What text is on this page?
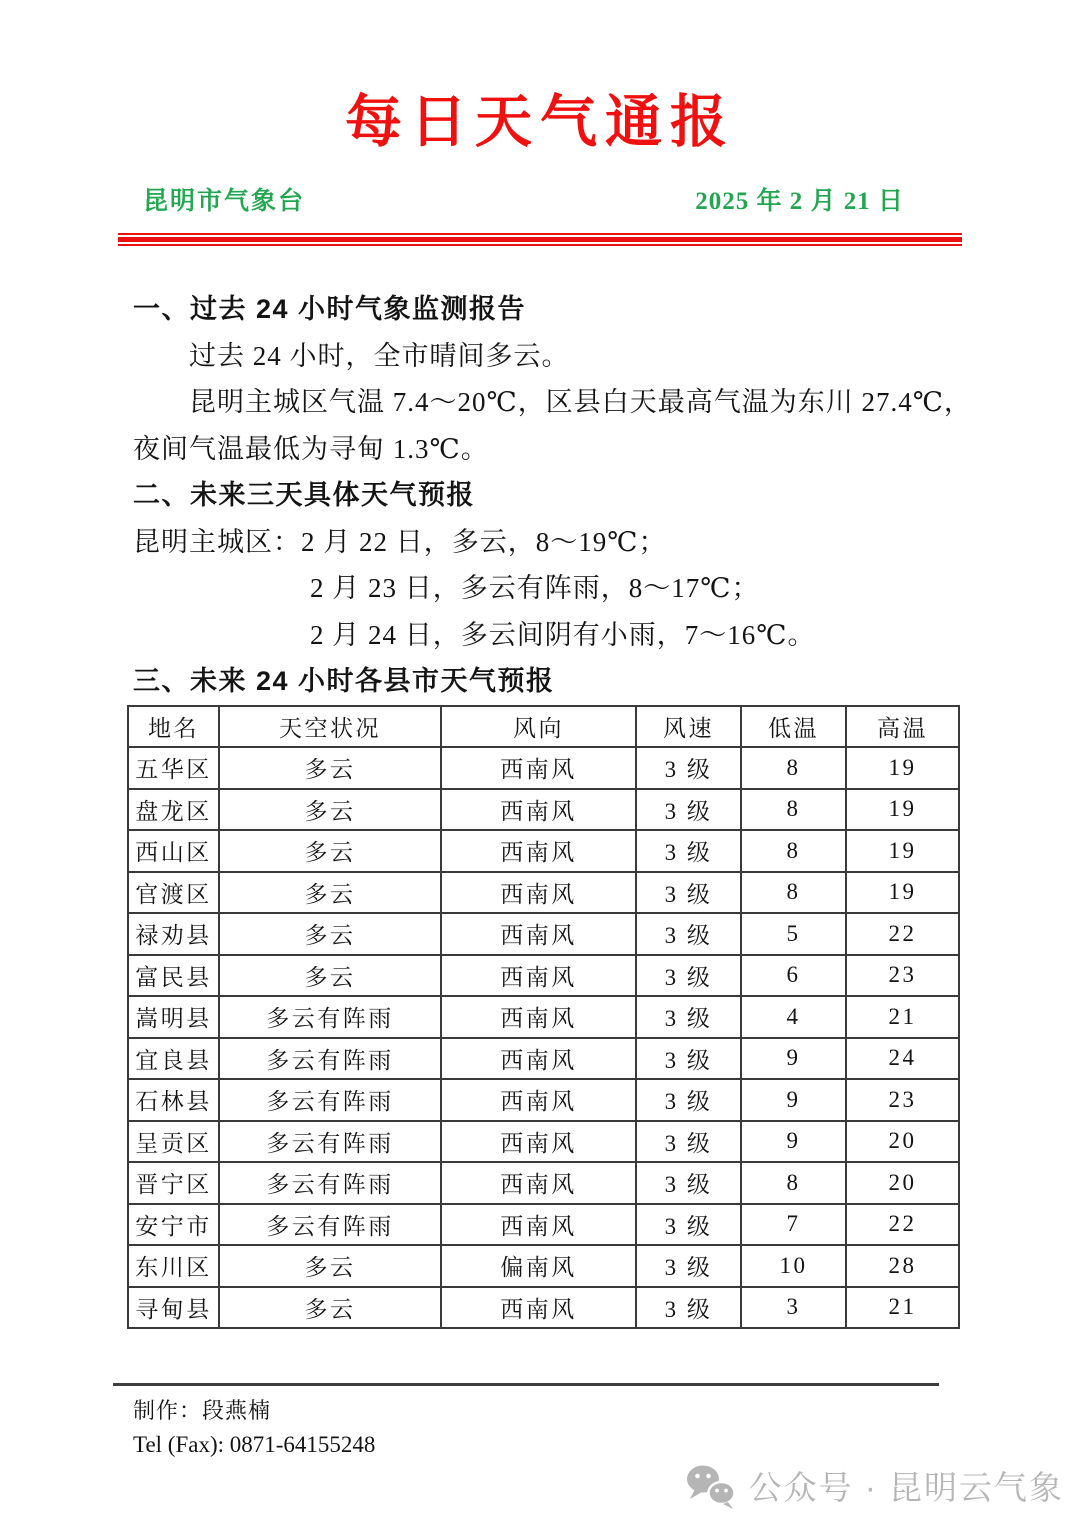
每日天气通报
昆明市气象台	2025 年 2 月 21 日
一、过去 24 小时气象监测报告
过去 24 小时，全市晴间多云。
昆明主城区气温 7.4～20℃，区县白天最高气温为东川 27.4℃，
夜间气温最低为寻甸 1.3℃。
二、未来三天具体天气预报
昆明主城区：2 月 22 日，多云，8～19℃；
2 月 23 日，多云有阵雨，8～17℃；
2 月 24 日，多云间阴有小雨，7～16℃。
三、未来 24 小时各县市天气预报
地名	天空状况	风向	风速	低温	高温
五华区	多云	西南风	3 级	8	19
盘龙区	多云	西南风	3 级	8	19
西山区	多云	西南风	3 级	8	19
官渡区	多云	西南风	3 级	8	19
禄劝县	多云	西南风	3 级	5	22
富民县	多云	西南风	3 级	6	23
嵩明县	多云有阵雨	西南风	3 级	4	21
宜良县	多云有阵雨	西南风	3 级	9	24
石林县	多云有阵雨	西南风	3 级	9	23
呈贡区	多云有阵雨	西南风	3 级	9	20
晋宁区	多云有阵雨	西南风	3 级	8	20
安宁市	多云有阵雨	西南风	3 级	7	22
东川区	多云	偏南风	3 级	10	28
寻甸县	多云	西南风	3 级	3	21
制作：段燕楠
Tel (Fax): 0871-64155248
公众号 · 昆明云气象
